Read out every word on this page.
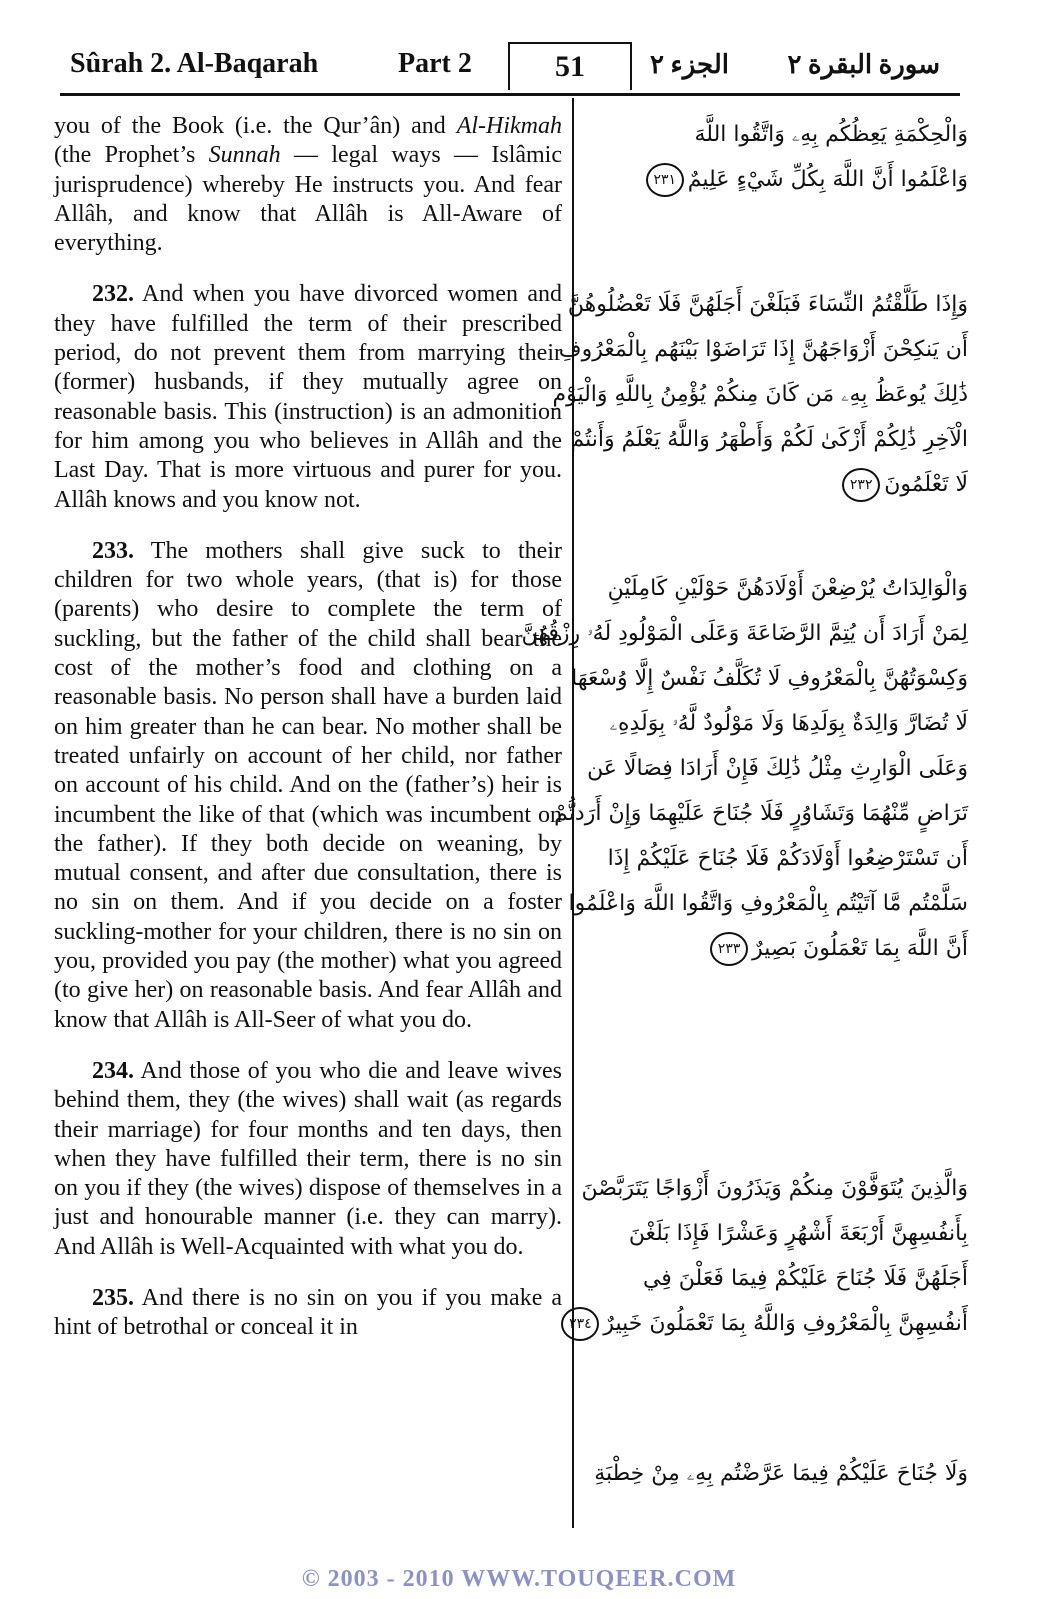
Sûrah 2. Al-Baqarah	Part 2	51	الجزء ٢ سورة البقرة ٢

you of the Book (i.e. the Qur’ân) and Al-Hikmah (the Prophet’s Sunnah — legal ways — Islâmic jurisprudence) whereby He instructs you. And fear Allâh, and know that Allâh is All-Aware of everything.

232. And when you have divorced women and they have fulfilled the term of their prescribed period, do not prevent them from marrying their (former) husbands, if they mutually agree on reasonable basis. This (instruction) is an admonition for him among you who believes in Allâh and the Last Day. That is more virtuous and purer for you. Allâh knows and you know not.

233. The mothers shall give suck to their children for two whole years, (that is) for those (parents) who desire to complete the term of suckling, but the father of the child shall bear the cost of the mother’s food and clothing on a reasonable basis. No person shall have a burden laid on him greater than he can bear. No mother shall be treated unfairly on account of her child, nor father on account of his child. And on the (father’s) heir is incumbent the like of that (which was incumbent on the father). If they both decide on weaning, by mutual consent, and after due consultation, there is no sin on them. And if you decide on a foster suckling-mother for your children, there is no sin on you, provided you pay (the mother) what you agreed (to give her) on reasonable basis. And fear Allâh and know that Allâh is All-Seer of what you do.

234. And those of you who die and leave wives behind them, they (the wives) shall wait (as regards their marriage) for four months and ten days, then when they have fulfilled their term, there is no sin on you if they (the wives) dispose of themselves in a just and honourable manner (i.e. they can marry). And Allâh is Well-Acquainted with what you do.

235. And there is no sin on you if you make a hint of betrothal or conceal it in

وَالْحِكْمَةِ يَعِظُكُم بِهِۦ وَاتَّقُوا اللَّهَ
وَاعْلَمُوا أَنَّ اللَّهَ بِكُلِّ شَيْءٍ عَلِيمٌ٢٣١
وَإِذَا طَلَّقْتُمُ النِّسَاءَ فَبَلَغْنَ أَجَلَهُنَّ فَلَا تَعْضُلُوهُنَّ
أَن يَنكِحْنَ أَزْوَاجَهُنَّ إِذَا تَرَاضَوْا بَيْنَهُم بِالْمَعْرُوفِ
ذَٰلِكَ يُوعَظُ بِهِۦ مَن كَانَ مِنكُمْ يُؤْمِنُ بِاللَّهِ وَالْيَوْمِ
الْآخِرِ ذَٰلِكُمْ أَزْكَىٰ لَكُمْ وَأَطْهَرُ وَاللَّهُ يَعْلَمُ وَأَنتُمْ
لَا تَعْلَمُونَ٢٣٢
وَالْوَالِدَاتُ يُرْضِعْنَ أَوْلَادَهُنَّ حَوْلَيْنِ كَامِلَيْنِ
لِمَنْ أَرَادَ أَن يُتِمَّ الرَّضَاعَةَ وَعَلَى الْمَوْلُودِ لَهُۥ رِزْقُهُنَّ
وَكِسْوَتُهُنَّ بِالْمَعْرُوفِ لَا تُكَلَّفُ نَفْسٌ إِلَّا وُسْعَهَا
لَا تُضَارَّ وَالِدَةٌ بِوَلَدِهَا وَلَا مَوْلُودٌ لَّهُۥ بِوَلَدِهِۦ
وَعَلَى الْوَارِثِ مِثْلُ ذَٰلِكَ فَإِنْ أَرَادَا فِصَالًا عَن
تَرَاضٍ مِّنْهُمَا وَتَشَاوُرٍ فَلَا جُنَاحَ عَلَيْهِمَا وَإِنْ أَرَدتُّمْ
أَن تَسْتَرْضِعُوا أَوْلَادَكُمْ فَلَا جُنَاحَ عَلَيْكُمْ إِذَا
سَلَّمْتُم مَّا آتَيْتُم بِالْمَعْرُوفِ وَاتَّقُوا اللَّهَ وَاعْلَمُوا
أَنَّ اللَّهَ بِمَا تَعْمَلُونَ بَصِيرٌ٢٣٣
وَالَّذِينَ يُتَوَفَّوْنَ مِنكُمْ وَيَذَرُونَ أَزْوَاجًا يَتَرَبَّصْنَ
بِأَنفُسِهِنَّ أَرْبَعَةَ أَشْهُرٍ وَعَشْرًا فَإِذَا بَلَغْنَ
أَجَلَهُنَّ فَلَا جُنَاحَ عَلَيْكُمْ فِيمَا فَعَلْنَ فِي
أَنفُسِهِنَّ بِالْمَعْرُوفِ وَاللَّهُ بِمَا تَعْمَلُونَ خَبِيرٌ٢٣٤
وَلَا جُنَاحَ عَلَيْكُمْ فِيمَا عَرَّضْتُم بِهِۦ مِنْ خِطْبَةِ
© 2003 - 2010 WWW.TOUQEER.COM
